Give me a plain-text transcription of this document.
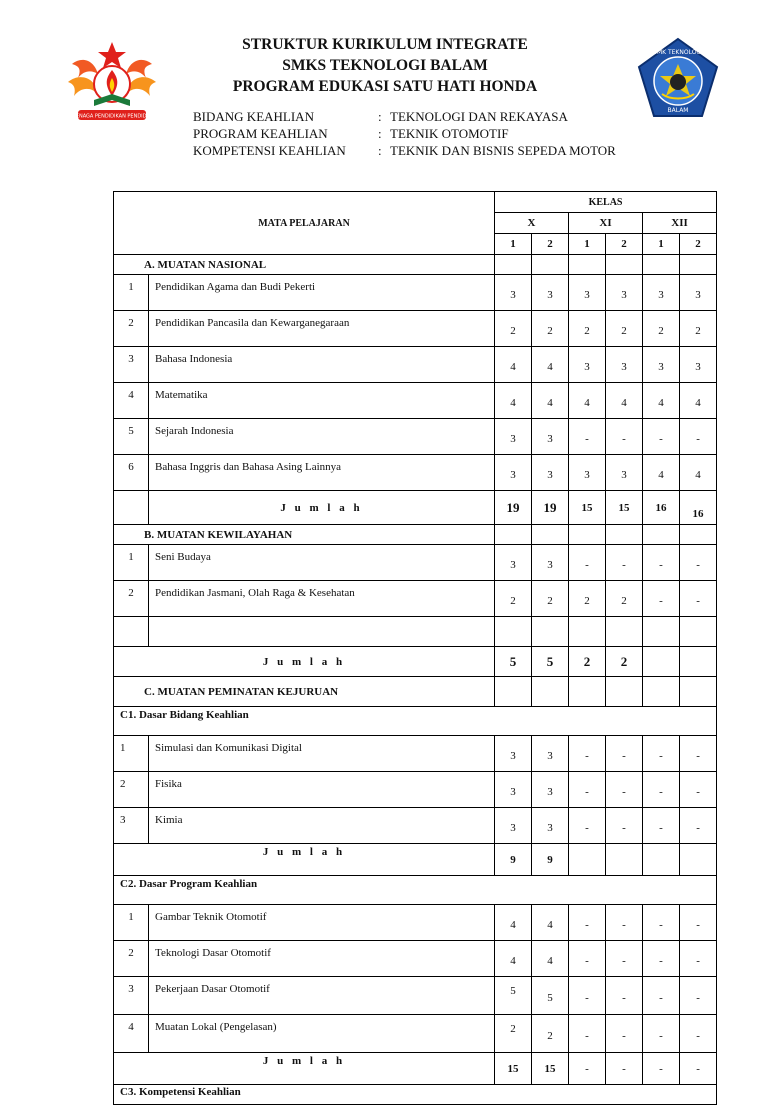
TENAGA PENDIDIKAN PENDIDIK
SMK TEKNOLOGI
BALAM
STRUKTUR KURIKULUM INTEGRATE
SMKS TEKNOLOGI BALAM
PROGRAM EDUKASI SATU HATI HONDA
BIDANG KEAHLIAN	: TEKNOLOGI DAN REKAYASA
PROGRAM KEAHLIAN	: TEKNIK OTOMOTIF
KOMPETENSI KEAHLIAN	: TEKNIK DAN BISNIS SEPEDA MOTOR
MATA PELAJARAN		KELAS					
		X		XI		XII	
		1	2	1	2	1	2
A. MUATAN NASIONAL							
1	Pendidikan Agama dan Budi Pekerti	3	3	3	3	3	3
2	Pendidikan Pancasila dan Kewarganegaraan	2	2	2	2	2	2
3	Bahasa Indonesia	4	4	3	3	3	3
4	Matematika	4	4	4	4	4	4
5	Sejarah Indonesia	3	3	-	-	-	-
6	Bahasa Inggris dan Bahasa Asing Lainnya	3	3	3	3	4	4
	J u m l a h	19	19	15	15	16	16
B. MUATAN KEWILAYAHAN							
1	Seni Budaya	3	3	-	-	-	-
2	Pendidikan Jasmani, Olah Raga & Kesehatan	2	2	2	2	-	-

J u m l a h		5	5	2	2		
C. MUATAN PEMINATAN KEJURUAN							
C1. Dasar Bidang Keahlian							
1	Simulasi dan Komunikasi Digital	3	3	-	-	-	-
2	Fisika	3	3	-	-	-	-
3	Kimia	3	3	-	-	-	-
J u m l a h		9	9				
C2. Dasar Program Keahlian							
1	Gambar Teknik Otomotif	4	4	-	-	-	-
2	Teknologi Dasar Otomotif	4	4	-	-	-	-
3	Pekerjaan Dasar Otomotif	5	5	-	-	-	-
4	Muatan Lokal (Pengelasan)	2	2	-	-	-	-
J u m l a h		15	15	-	-	-	-
C3. Kompetensi Keahlian							
